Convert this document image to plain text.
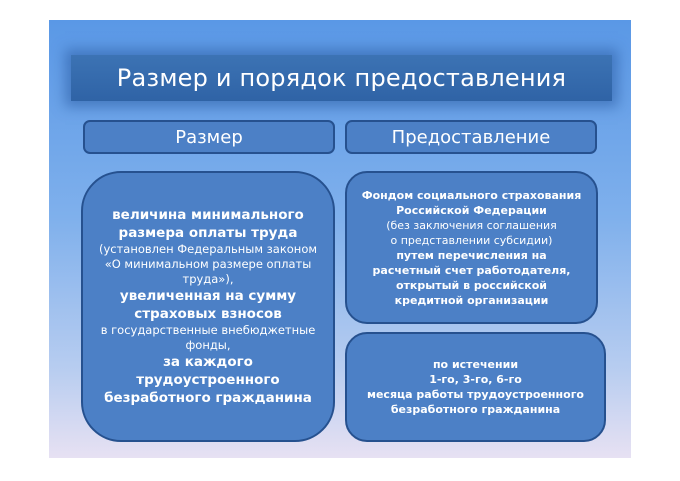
Размер и порядок предоставления
Размер	Предоставление
величина минимального
размера оплаты труда
(установлен Федеральным законом
«О минимальном размере оплаты
труда»),
увеличенная на сумму
страховых взносов
в государственные внебюджетные
фонды,
за каждого
трудоустроенного
безработного гражданина
Фондом социального страхования
Российской Федерации
(без заключения соглашения
о представлении субсидии)
путем перечисления на
расчетный счет работодателя,
открытый в российской
кредитной организации
по истечении
1-го, 3-го, 6-го
месяца работы трудоустроенного
безработного гражданина
